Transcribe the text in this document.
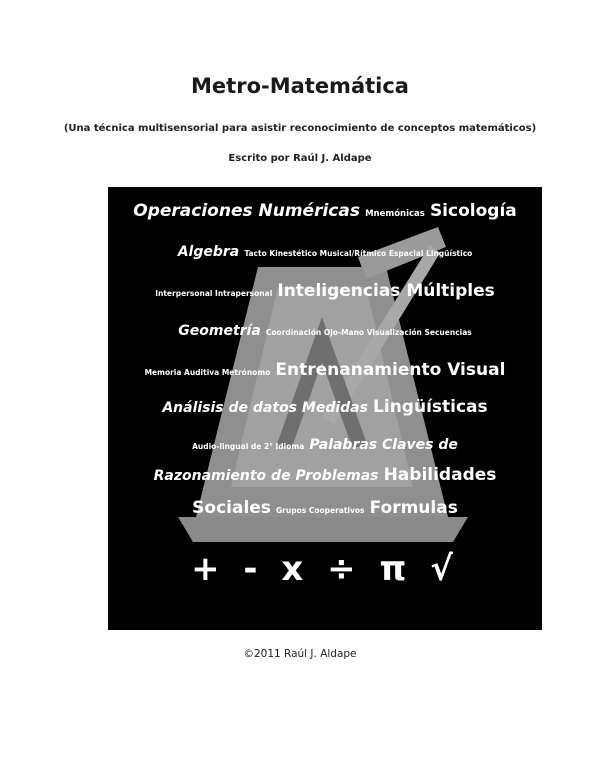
Metro-Matemática
(Una técnica multisensorial para asistir reconocimiento de conceptos matemáticos)
Escrito por Raúl J. Aldape
Operaciones Numéricas Mnemónicas Sicología
Algebra Tacto Kinestético Musical/Rítmico Espacial Lingüístico
Interpersonal Intrapersonal Inteligencias Múltiples
Geometría Coordinación Ojo-Mano Visualización Secuencias
Memoria Auditiva Metrónomo Entrenanamiento Visual
Análisis de datos Medidas Lingüísticas
Audio-lingual de 2° Idioma Palabras Claves de
Razonamiento de Problemas Habilidades
Sociales Grupos Cooperativos Formulas
+ - x ÷ π √
©2011 Raúl J. Aldape
